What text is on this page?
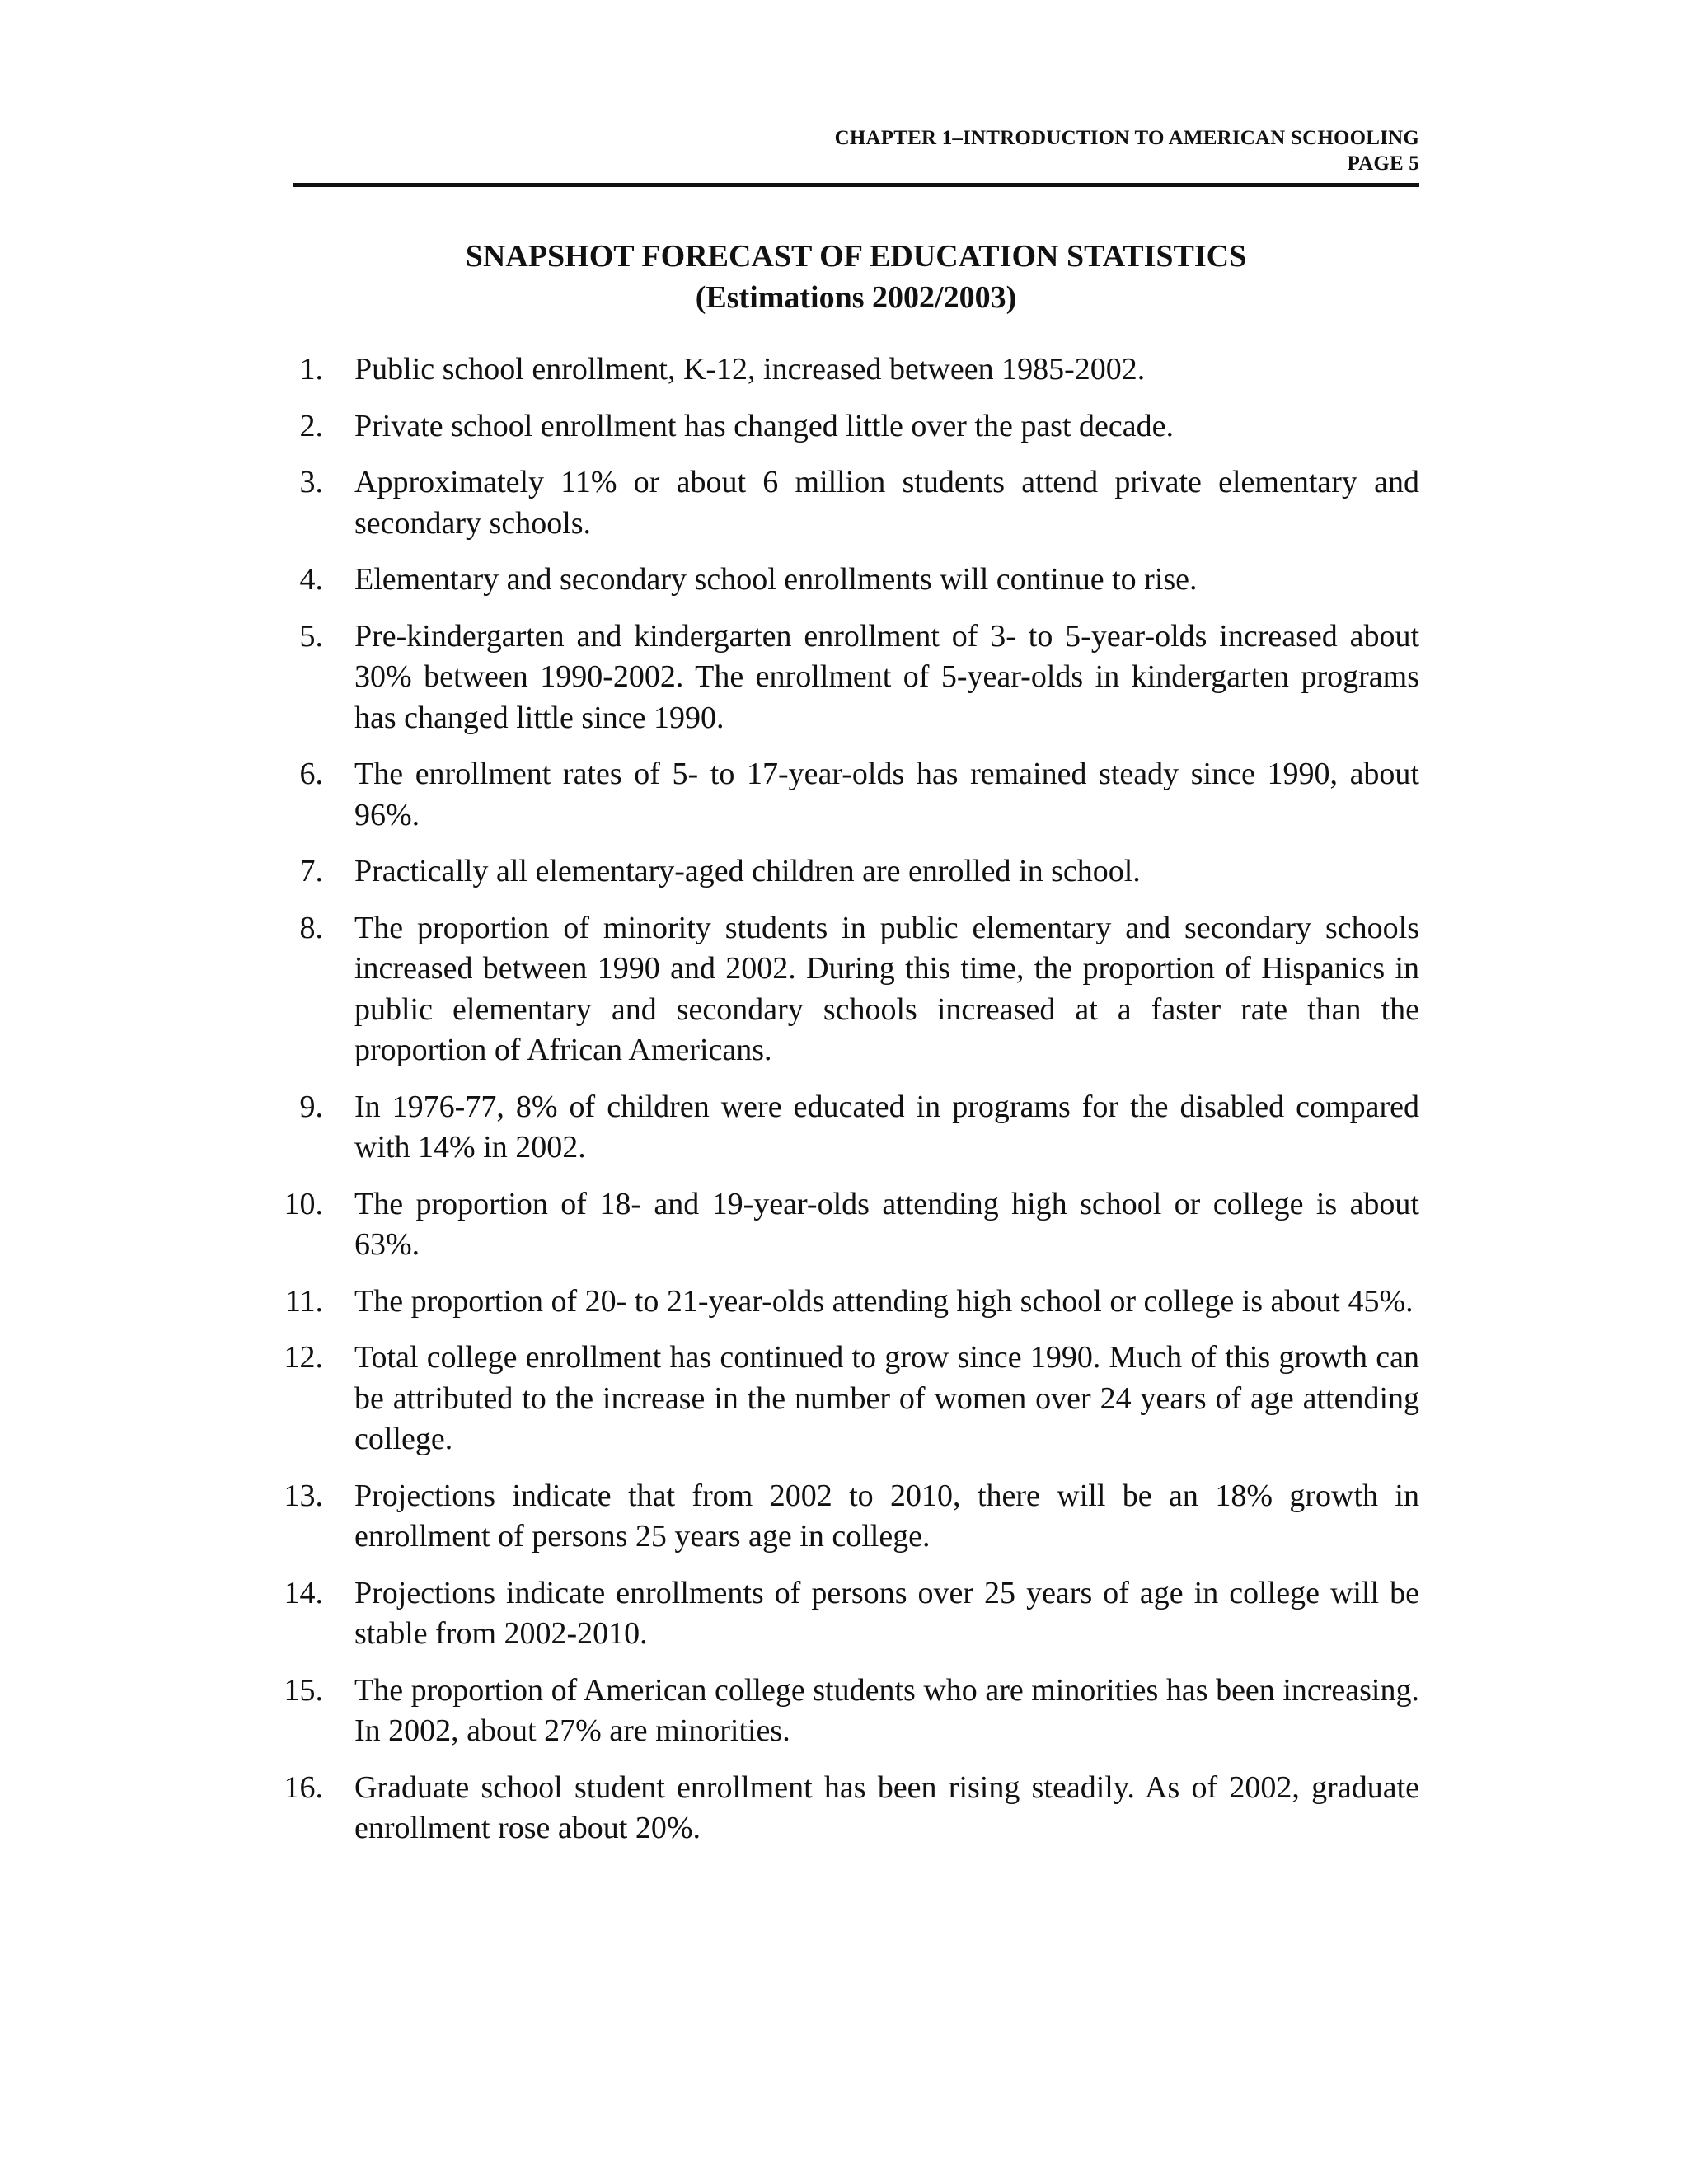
CHAPTER 1–INTRODUCTION TO AMERICAN SCHOOLING
PAGE 5
SNAPSHOT FORECAST OF EDUCATION STATISTICS
(Estimations 2002/2003)
1.	Public school enrollment, K-12, increased between 1985-2002.
2.	Private school enrollment has changed little over the past decade.
3.	Approximately 11% or about 6 million students attend private elementary and secondary schools.
4.	Elementary and secondary school enrollments will continue to rise.
5.	Pre-kindergarten and kindergarten enrollment of 3- to 5-year-olds increased about 30% between 1990-2002. The enrollment of 5-year-olds in kindergarten programs has changed little since 1990.
6.	The enrollment rates of 5- to 17-year-olds has remained steady since 1990, about 96%.
7.	Practically all elementary-aged children are enrolled in school.
8.	The proportion of minority students in public elementary and secondary schools increased between 1990 and 2002. During this time, the proportion of Hispanics in public elementary and secondary schools increased at a faster rate than the proportion of African Americans.
9.	In 1976-77, 8% of children were educated in programs for the disabled compared with 14% in 2002.
10.	The proportion of 18- and 19-year-olds attending high school or college is about 63%.
11.	The proportion of 20- to 21-year-olds attending high school or college is about 45%.
12.	Total college enrollment has continued to grow since 1990. Much of this growth can be attributed to the increase in the number of women over 24 years of age attending college.
13.	Projections indicate that from 2002 to 2010, there will be an 18% growth in enrollment of persons 25 years age in college.
14.	Projections indicate enrollments of persons over 25 years of age in college will be stable from 2002-2010.
15.	The proportion of American college students who are minorities has been increasing. In 2002, about 27% are minorities.
16.	Graduate school student enrollment has been rising steadily. As of 2002, graduate enrollment rose about 20%.
